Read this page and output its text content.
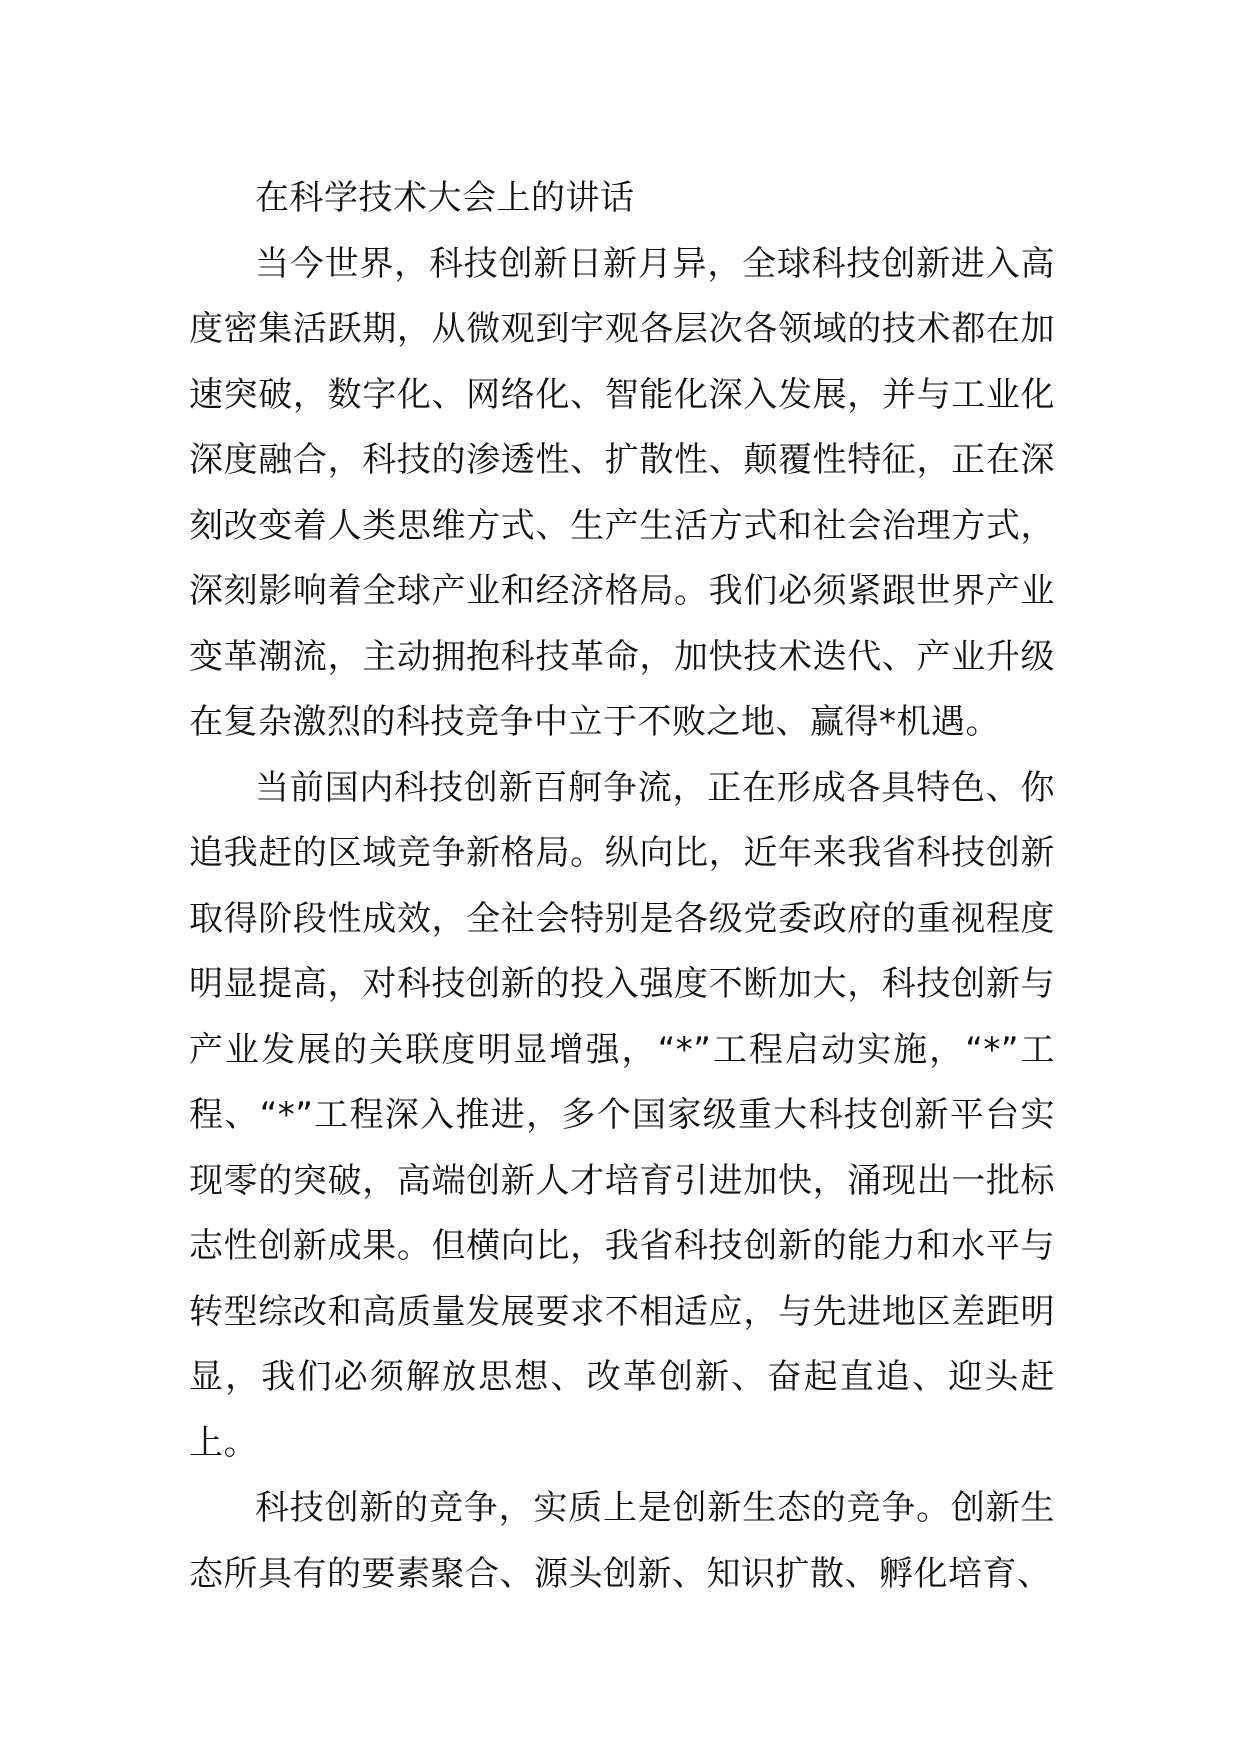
在科学技术大会上的讲话

当今世界，科技创新日新月异，全球科技创新进入高度密集活跃期，从微观到宇观各层次各领域的技术都在加速突破，数字化、网络化、智能化深入发展，并与工业化深度融合，科技的渗透性、扩散性、颠覆性特征，正在深刻改变着人类思维方式、生产生活方式和社会治理方式，深刻影响着全球产业和经济格局。我们必须紧跟世界产业变革潮流，主动拥抱科技革命，加快技术迭代、产业升级在复杂激烈的科技竞争中立于不败之地、赢得*机遇。

当前国内科技创新百舸争流，正在形成各具特色、你追我赶的区域竞争新格局。纵向比，近年来我省科技创新取得阶段性成效，全社会特别是各级党委政府的重视程度明显提高，对科技创新的投入强度不断加大，科技创新与产业发展的关联度明显增强，“*”工程启动实施，“*”工程、“*”工程深入推进，多个国家级重大科技创新平台实现零的突破，高端创新人才培育引进加快，涌现出一批标志性创新成果。但横向比，我省科技创新的能力和水平与转型综改和高质量发展要求不相适应，与先进地区差距明显，我们必须解放思想、改革创新、奋起直追、迎头赶上。

科技创新的竞争，实质上是创新生态的竞争。创新生态所具有的要素聚合、源头创新、知识扩散、孵化培育、
